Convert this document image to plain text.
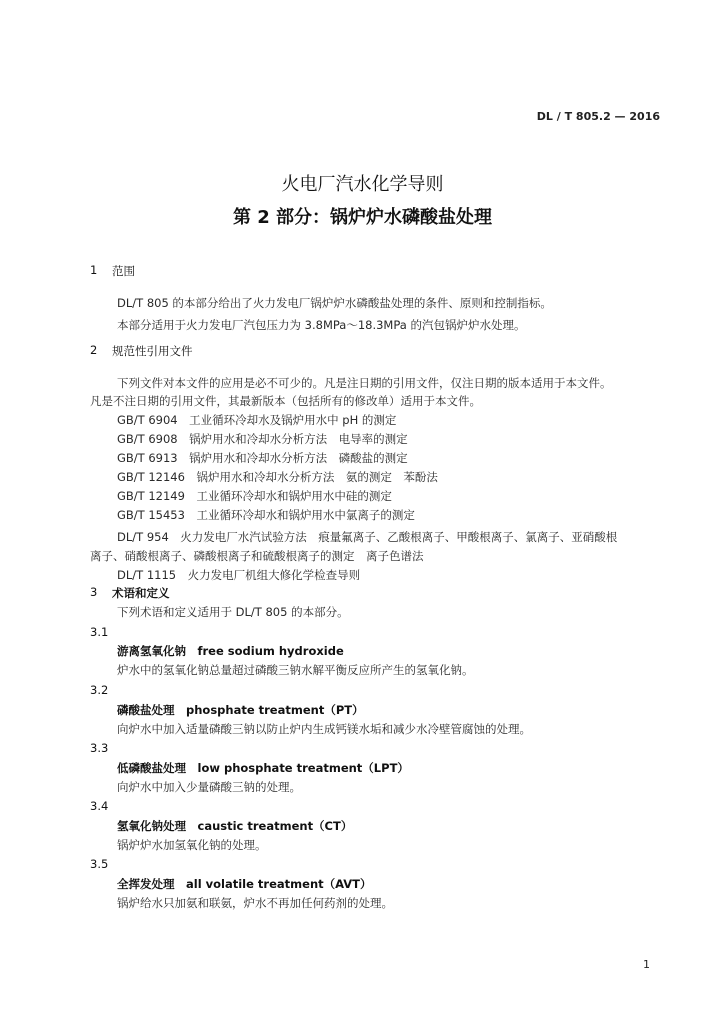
DL / T 805.2 — 2016
火电厂汽水化学导则
第 2 部分：锅炉炉水磷酸盐处理
1 范围
DL/T 805 的本部分给出了火力发电厂锅炉炉水磷酸盐处理的条件、原则和控制指标。
本部分适用于火力发电厂汽包压力为 3.8MPa～18.3MPa 的汽包锅炉炉水处理。
2 规范性引用文件
下列文件对本文件的应用是必不可少的。凡是注日期的引用文件，仅注日期的版本适用于本文件。
凡是不注日期的引用文件，其最新版本（包括所有的修改单）适用于本文件。
GB/T 6904　工业循环冷却水及锅炉用水中 pH 的测定
GB/T 6908　锅炉用水和冷却水分析方法　电导率的测定
GB/T 6913　锅炉用水和冷却水分析方法　磷酸盐的测定
GB/T 12146　锅炉用水和冷却水分析方法　氨的测定　苯酚法
GB/T 12149　工业循环冷却水和锅炉用水中硅的测定
GB/T 15453　工业循环冷却水和锅炉用水中氯离子的测定
DL/T 954　火力发电厂水汽试验方法　痕量氟离子、乙酸根离子、甲酸根离子、氯离子、亚硝酸根
离子、硝酸根离子、磷酸根离子和硫酸根离子的测定　离子色谱法
DL/T 1115　火力发电厂机组大修化学检查导则
3 术语和定义
下列术语和定义适用于 DL/T 805 的本部分。
3.1
游离氢氧化钠　free sodium hydroxide
炉水中的氢氧化钠总量超过磷酸三钠水解平衡反应所产生的氢氧化钠。
3.2
磷酸盐处理　phosphate treatment（PT）
向炉水中加入适量磷酸三钠以防止炉内生成钙镁水垢和减少水冷壁管腐蚀的处理。
3.3
低磷酸盐处理　low phosphate treatment（LPT）
向炉水中加入少量磷酸三钠的处理。
3.4
氢氧化钠处理　caustic treatment（CT）
锅炉炉水加氢氧化钠的处理。
3.5
全挥发处理　all volatile treatment（AVT）
锅炉给水只加氨和联氨，炉水不再加任何药剂的处理。
1
